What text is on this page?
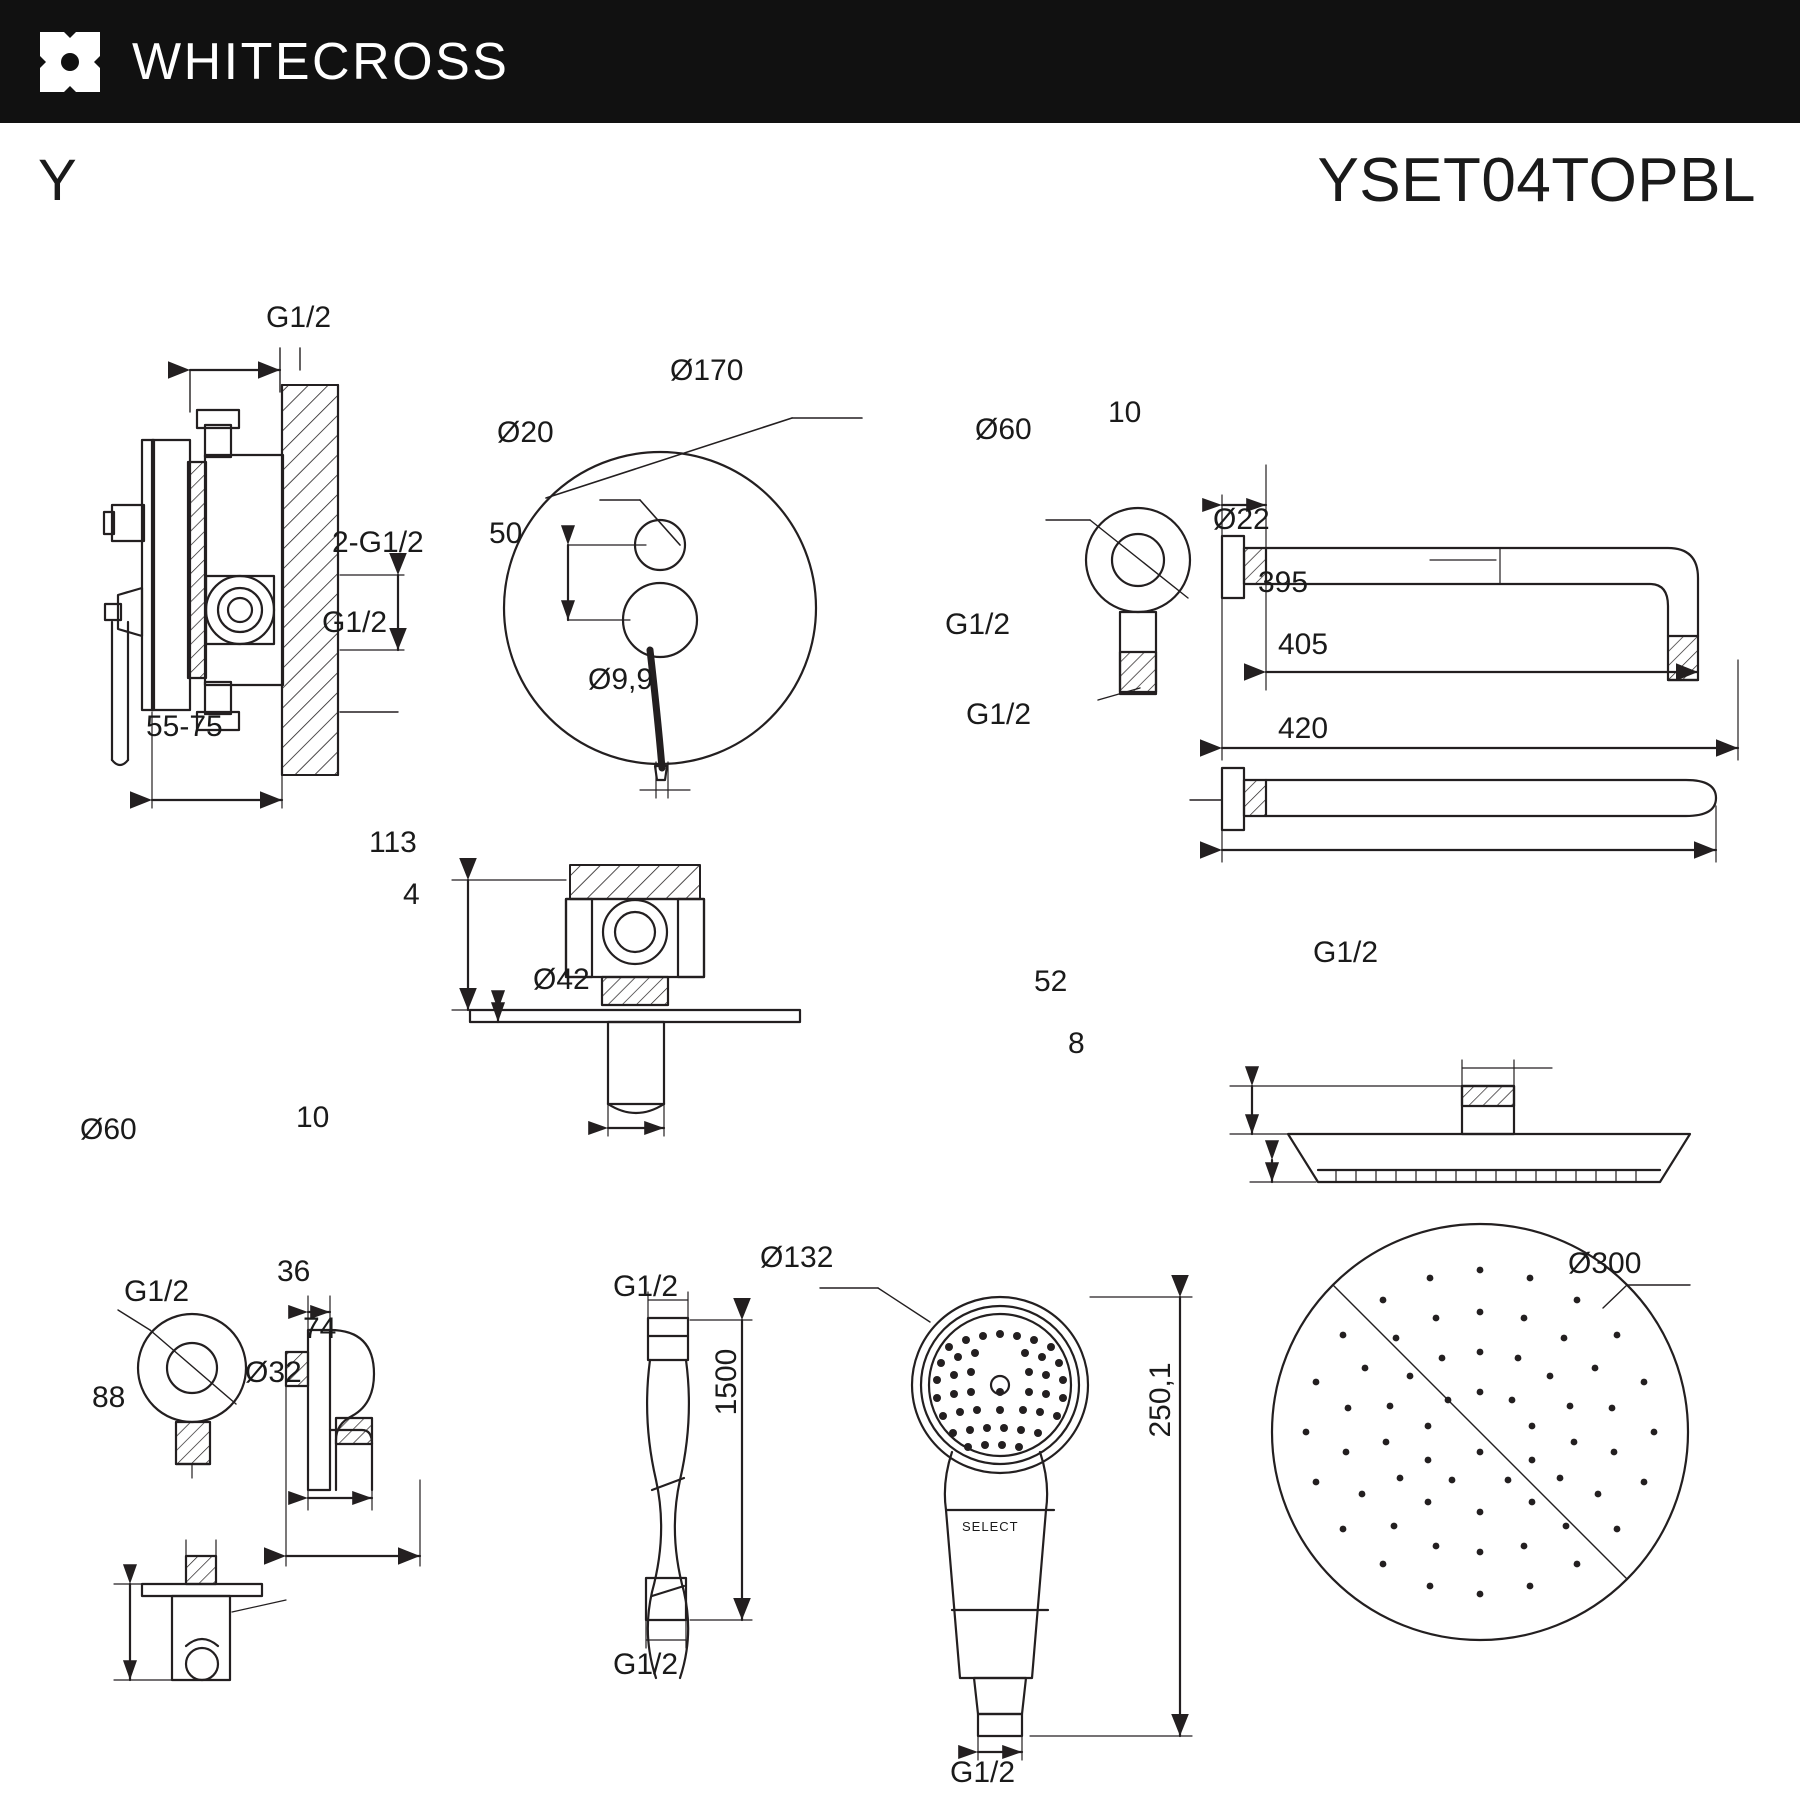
WHITECROSS
Y	YSET04TOPBL
G1/2
2-G1/2
G1/2
55-75
Ø170
Ø20
50
Ø9,9
113
4
Ø42
Ø60
10
Ø22
395
G1/2
405
G1/2	420
G1/2
52
8
Ø60	10
G1/2
36
74
88
Ø32
G1/2
1500
G1/2
Ø132
250,1
G1/2
SELECT
Ø300
